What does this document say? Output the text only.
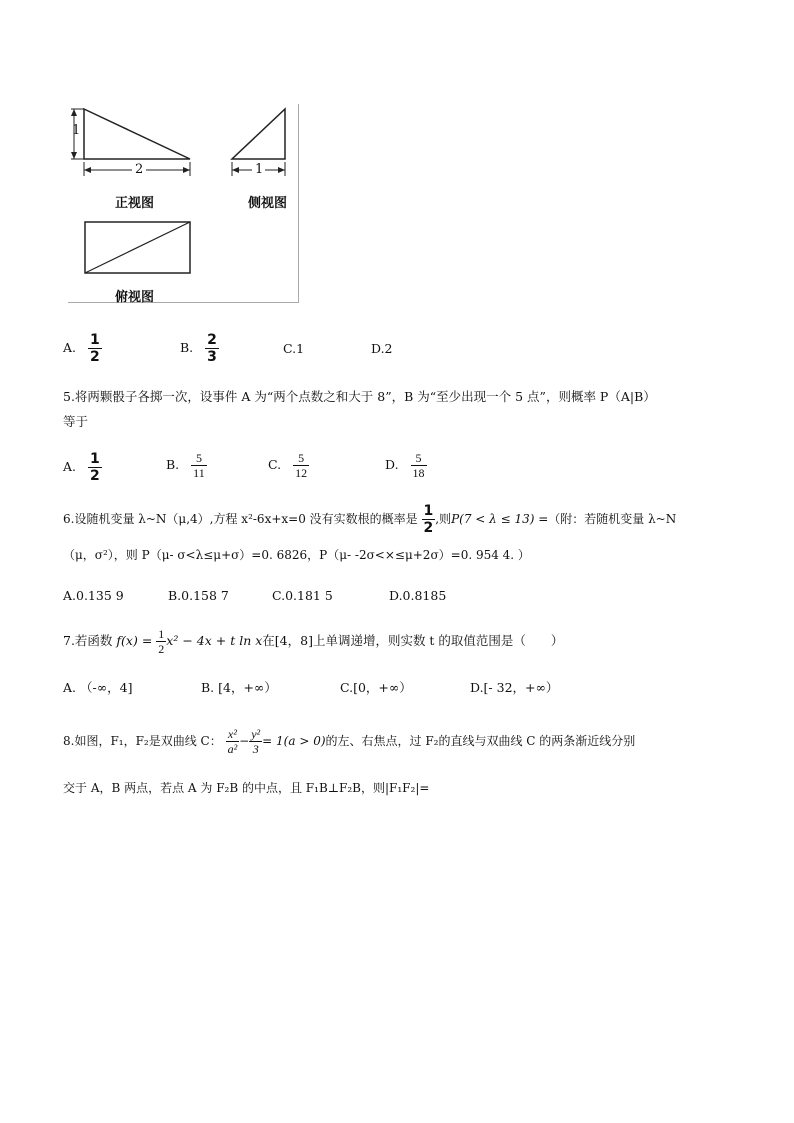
1
2	1
正视图	侧视图
俯视图
A. $\frac{1}{2}$	B. $\frac{2}{3}$	C.1	D.2
5.将两颗骰子各掷一次，设事件 A 为“两个点数之和大于 8”，B 为“至少出现一个 5 点”，则概率 P（A|B）
等于
A. $\frac{1}{2}$	B. $\frac{5}{11}$	C. $\frac{5}{12}$	D. $\frac{5}{18}$
6.设随机变量 λ~N（μ,4）,方程 x²-6x+x=0 没有实数根的概率是 $\frac{1}{2}$ ,则P(7 < λ ≤ 13) =（附：若随机变量 λ~N
（μ，σ²），则 P（μ- σ<λ≤μ+σ）=0. 6826，P（μ- -2σ<×≤μ+2σ）=0. 954 4. ）
A.0.135 9	B.0.158 7	C.0.181 5	D.0.8185
7.若函数 $f(x) = \frac{1}{2} x^2 - 4x + t$ ln x在[4，8]上单调递增，则实数 t 的取值范围是（　　）
A. （-∞，4]	B. [4，+∞）	C.[0，+∞）	D.[- 32，+∞）
8.如图，F₁，F₂是双曲线 C： $\frac{\text{x²}}{\text{a²}} - \frac{\text{y²}}{3} = 1(a > 0)$的左、右焦点，过 F₂的直线与双曲线 C 的两条渐近线分别
交于 A，B 两点，若点 A 为 F₂B 的中点，且 F₁B⊥F₂B，则|F₁F₂|=
